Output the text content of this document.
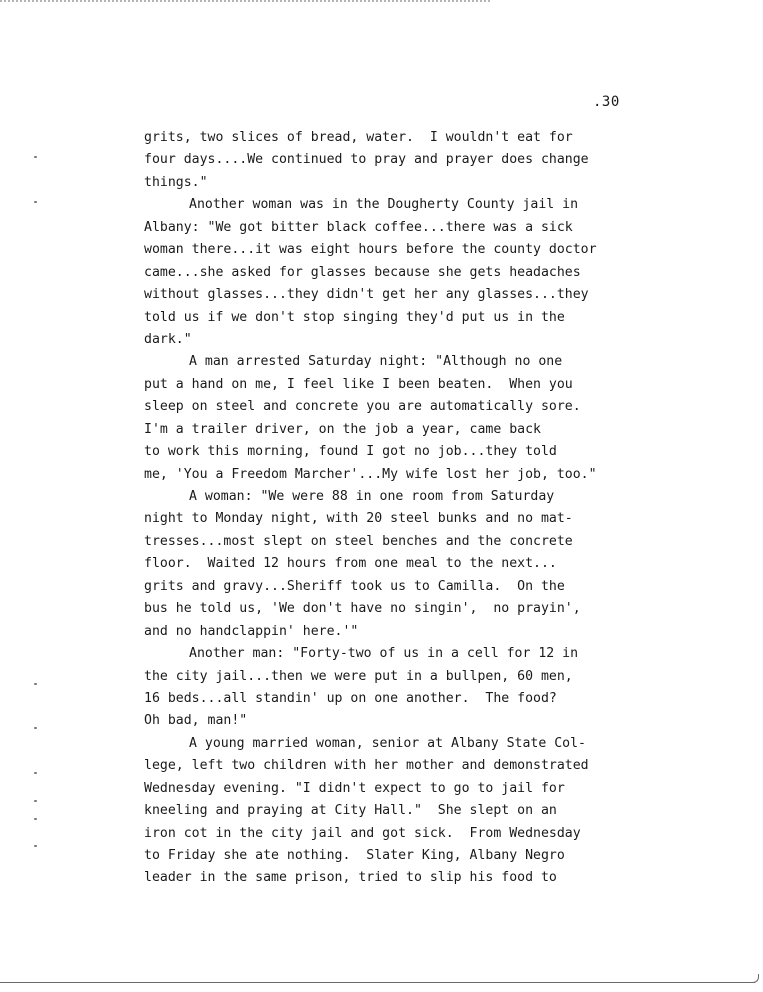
.30
grits, two slices of bread, water.  I wouldn't eat for
four days....We continued to pray and prayer does change
things."
Another woman was in the Dougherty County jail in
Albany: "We got bitter black coffee...there was a sick
woman there...it was eight hours before the county doctor
came...she asked for glasses because she gets headaches
without glasses...they didn't get her any glasses...they
told us if we don't stop singing they'd put us in the
dark."
A man arrested Saturday night: "Although no one
put a hand on me, I feel like I been beaten.  When you
sleep on steel and concrete you are automatically sore.
I'm a trailer driver, on the job a year, came back
to work this morning, found I got no job...they told
me, 'You a Freedom Marcher'...My wife lost her job, too."
A woman: "We were 88 in one room from Saturday
night to Monday night, with 20 steel bunks and no mat-
tresses...most slept on steel benches and the concrete
floor.  Waited 12 hours from one meal to the next...
grits and gravy...Sheriff took us to Camilla.  On the
bus he told us, 'We don't have no singin',  no prayin',
and no handclappin' here.'"
Another man: "Forty-two of us in a cell for 12 in
the city jail...then we were put in a bullpen, 60 men,
16 beds...all standin' up on one another.  The food?
Oh bad, man!"
A young married woman, senior at Albany State Col-
lege, left two children with her mother and demonstrated
Wednesday evening. "I didn't expect to go to jail for
kneeling and praying at City Hall."  She slept on an
iron cot in the city jail and got sick.  From Wednesday
to Friday she ate nothing.  Slater King, Albany Negro
leader in the same prison, tried to slip his food to
